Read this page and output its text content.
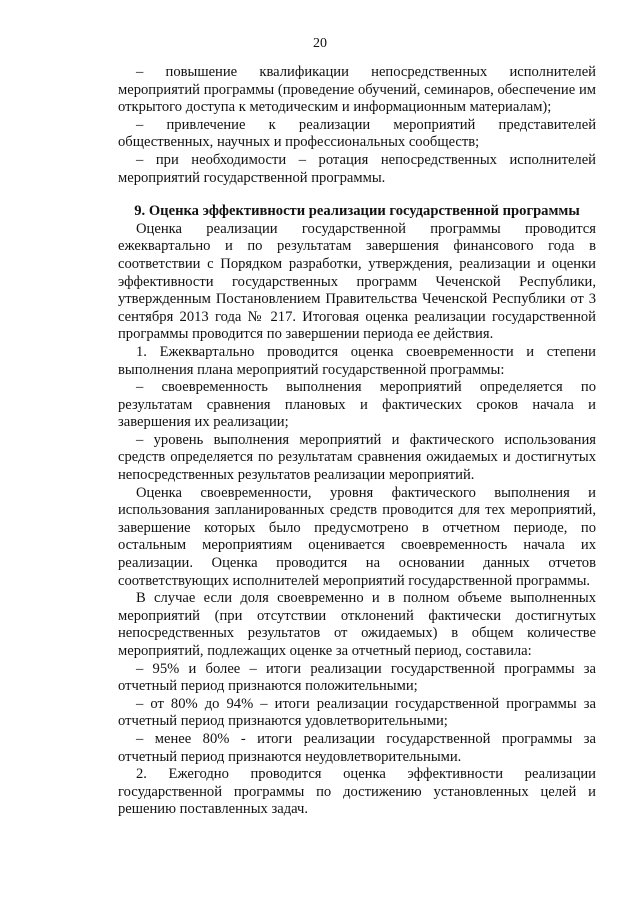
20

– повышение квалификации непосредственных исполнителей мероприятий программы (проведение обучений, семинаров, обеспечение им открытого доступа к методическим и информационным материалам);

– привлечение к реализации мероприятий представителей общественных, научных и профессиональных сообществ;

– при необходимости – ротация непосредственных исполнителей мероприятий государственной программы.

9. Оценка эффективности реализации государственной программы

Оценка реализации государственной программы проводится ежеквартально и по результатам завершения финансового года в соответствии с Порядком разработки, утверждения, реализации и оценки эффективности государственных программ Чеченской Республики, утвержденным Постановлением Правительства Чеченской Республики от 3 сентября 2013 года № 217. Итоговая оценка реализации государственной программы проводится по завершении периода ее действия.

1. Ежеквартально проводится оценка своевременности и степени выполнения плана мероприятий государственной программы:

– своевременность выполнения мероприятий определяется по результатам сравнения плановых и фактических сроков начала и завершения их реализации;

– уровень выполнения мероприятий и фактического использования средств определяется по результатам сравнения ожидаемых и достигнутых непосредственных результатов реализации мероприятий.

Оценка своевременности, уровня фактического выполнения и использования запланированных средств проводится для тех мероприятий, завершение которых было предусмотрено в отчетном периоде, по остальным мероприятиям оценивается своевременность начала их реализации. Оценка проводится на основании данных отчетов соответствующих исполнителей мероприятий государственной программы.

В случае если доля своевременно и в полном объеме выполненных мероприятий (при отсутствии отклонений фактически достигнутых непосредственных результатов от ожидаемых) в общем количестве мероприятий, подлежащих оценке за отчетный период, составила:

– 95% и более – итоги реализации государственной программы за отчетный период признаются положительными;

– от 80% до 94% – итоги реализации государственной программы за отчетный период признаются удовлетворительными;

– менее 80% - итоги реализации государственной программы за отчетный период признаются неудовлетворительными.

2. Ежегодно проводится оценка эффективности реализации государственной программы по достижению установленных целей и решению поставленных задач.
